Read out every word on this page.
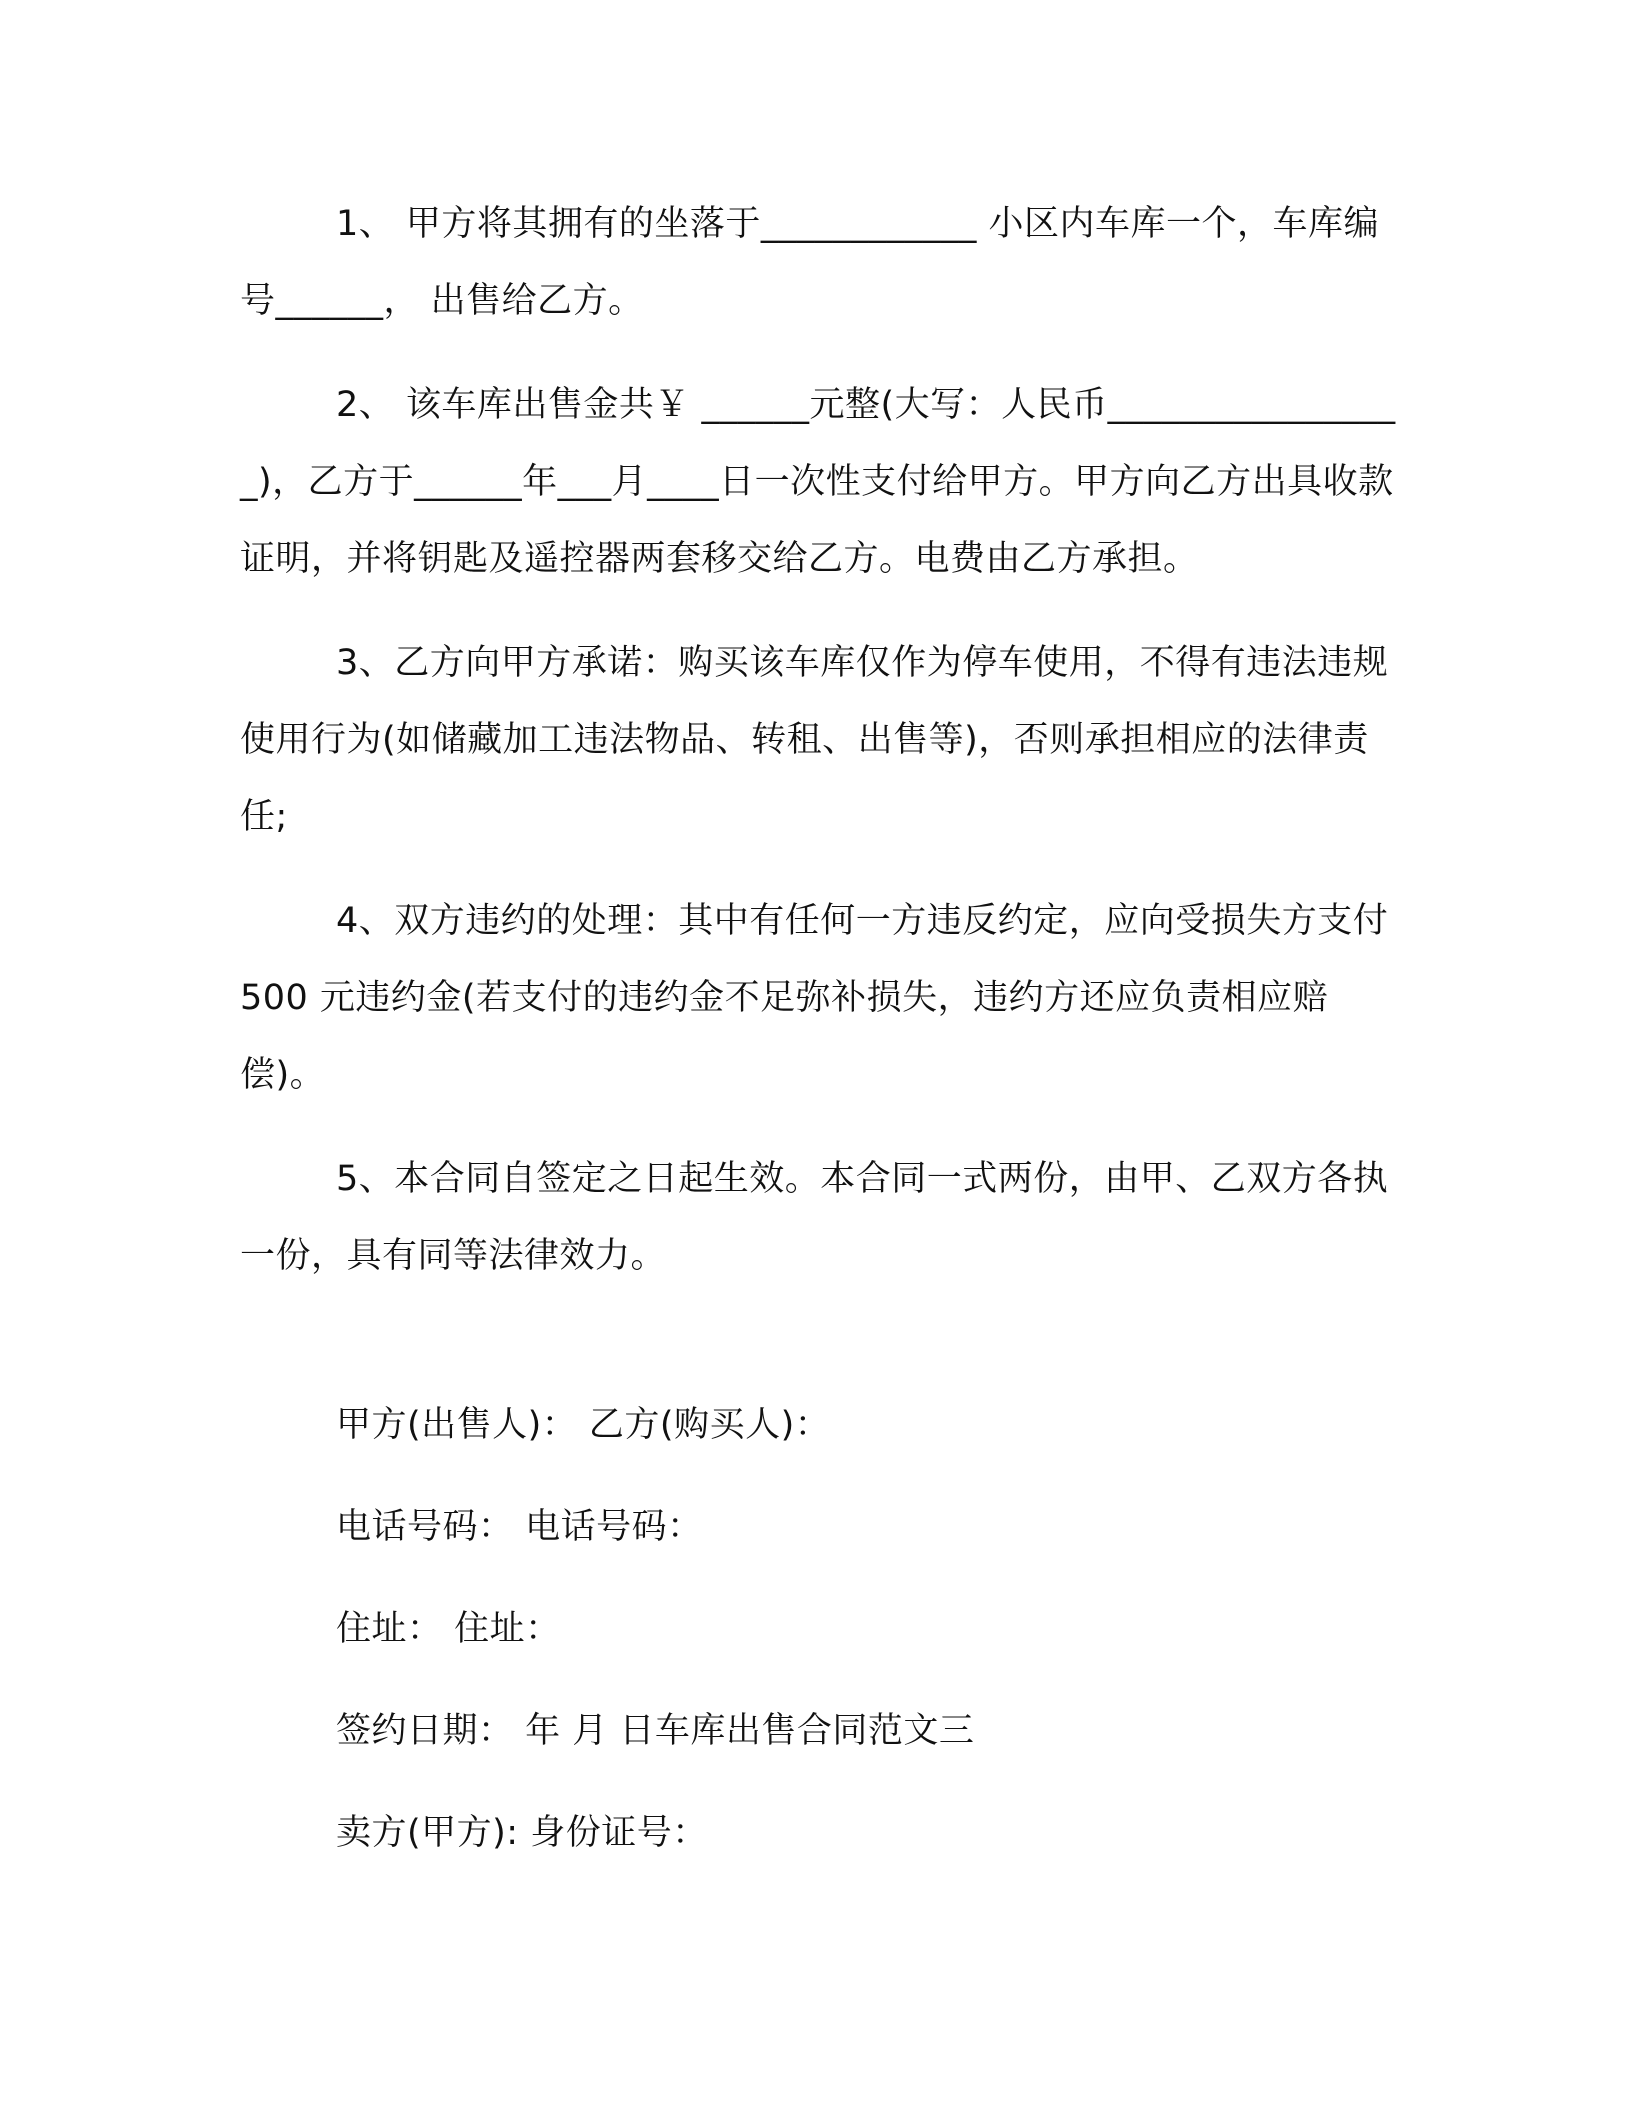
1、 甲方将其拥有的坐落于____________ 小区内车库一个，车库编号______， 出售给乙方。

2、 该车库出售金共￥ ______元整(大写：人民币_________________)，乙方于______年___月____日一次性支付给甲方。甲方向乙方出具收款证明，并将钥匙及遥控器两套移交给乙方。电费由乙方承担。

3、乙方向甲方承诺：购买该车库仅作为停车使用，不得有违法违规使用行为(如储藏加工违法物品、转租、出售等)，否则承担相应的法律责任;

4、双方违约的处理：其中有任何一方违反约定，应向受损失方支付 500 元违约金(若支付的违约金不足弥补损失，违约方还应负责相应赔偿)。

5、本合同自签定之日起生效。本合同一式两份，由甲、乙双方各执一份，具有同等法律效力。

甲方(出售人)： 乙方(购买人)：

电话号码： 电话号码：

住址： 住址：

签约日期： 年 月 日车库出售合同范文三

卖方(甲方): 身份证号：
